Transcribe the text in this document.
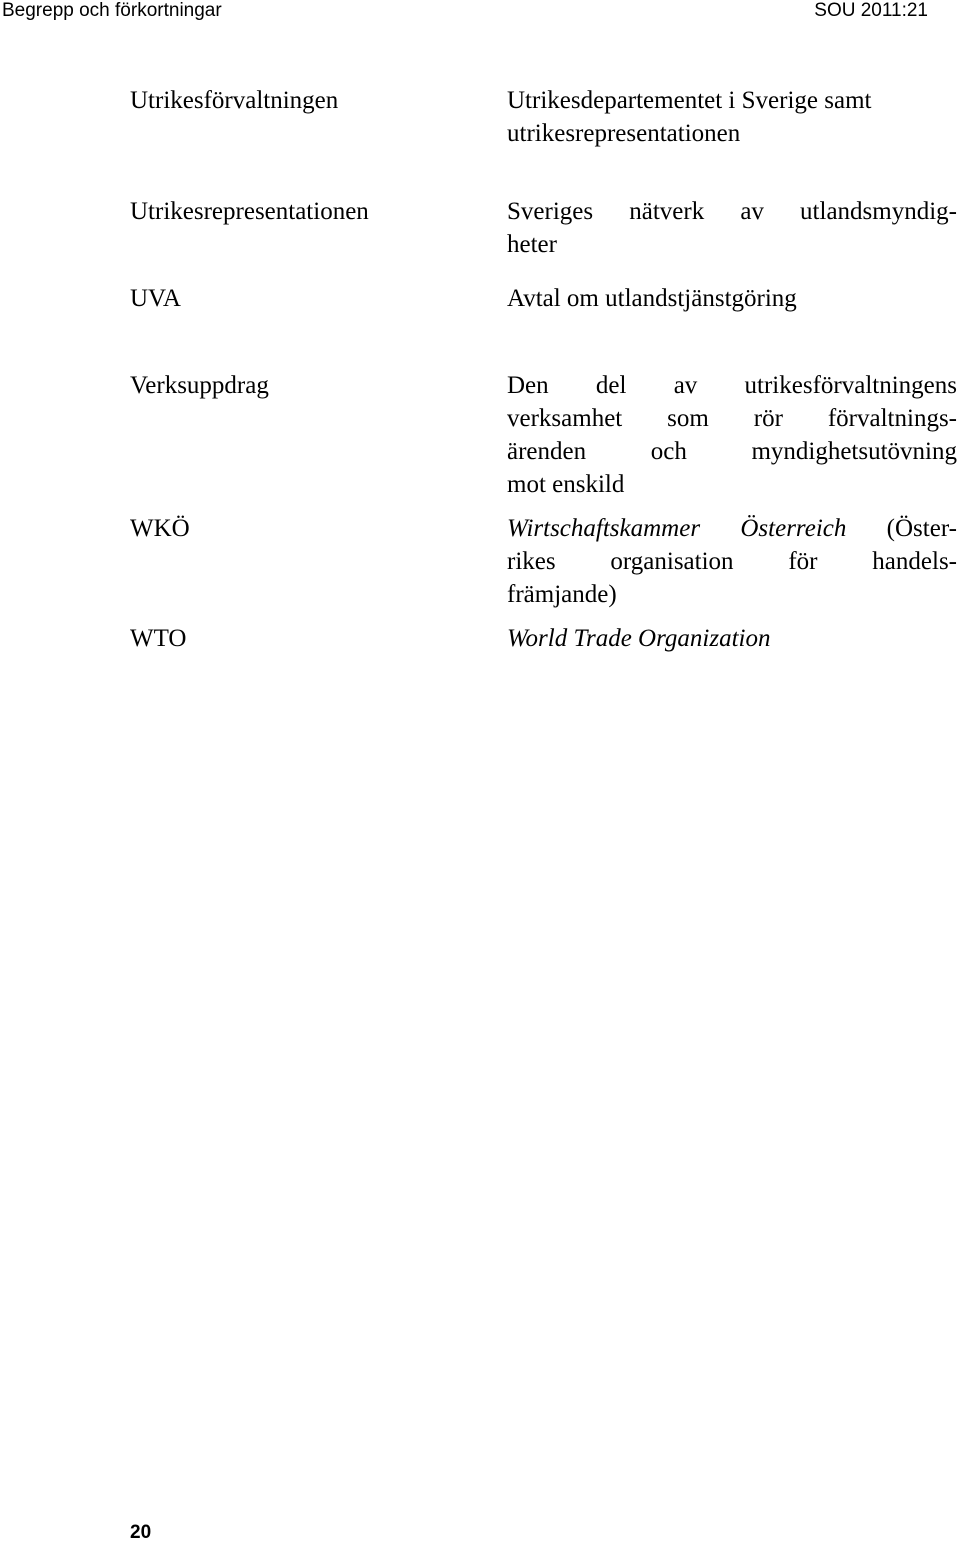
Begrepp och förkortningar	SOU 2011:21
Utrikesförvaltningen	Utrikesdepartementet i Sverige samt
utrikesrepresentationen
Utrikesrepresentationen	Sveriges nätverk av utlandsmyndig-
heter
UVA	Avtal om utlandstjänstgöring
Verksuppdrag	Den del av utrikesförvaltningens
verksamhet som rör förvaltnings-
ärenden och myndighetsutövning
mot enskild
WKÖ	Wirtschaftskammer Österreich (Öster-
rikes organisation för handels-
främjande)
WTO	World Trade Organization
20
